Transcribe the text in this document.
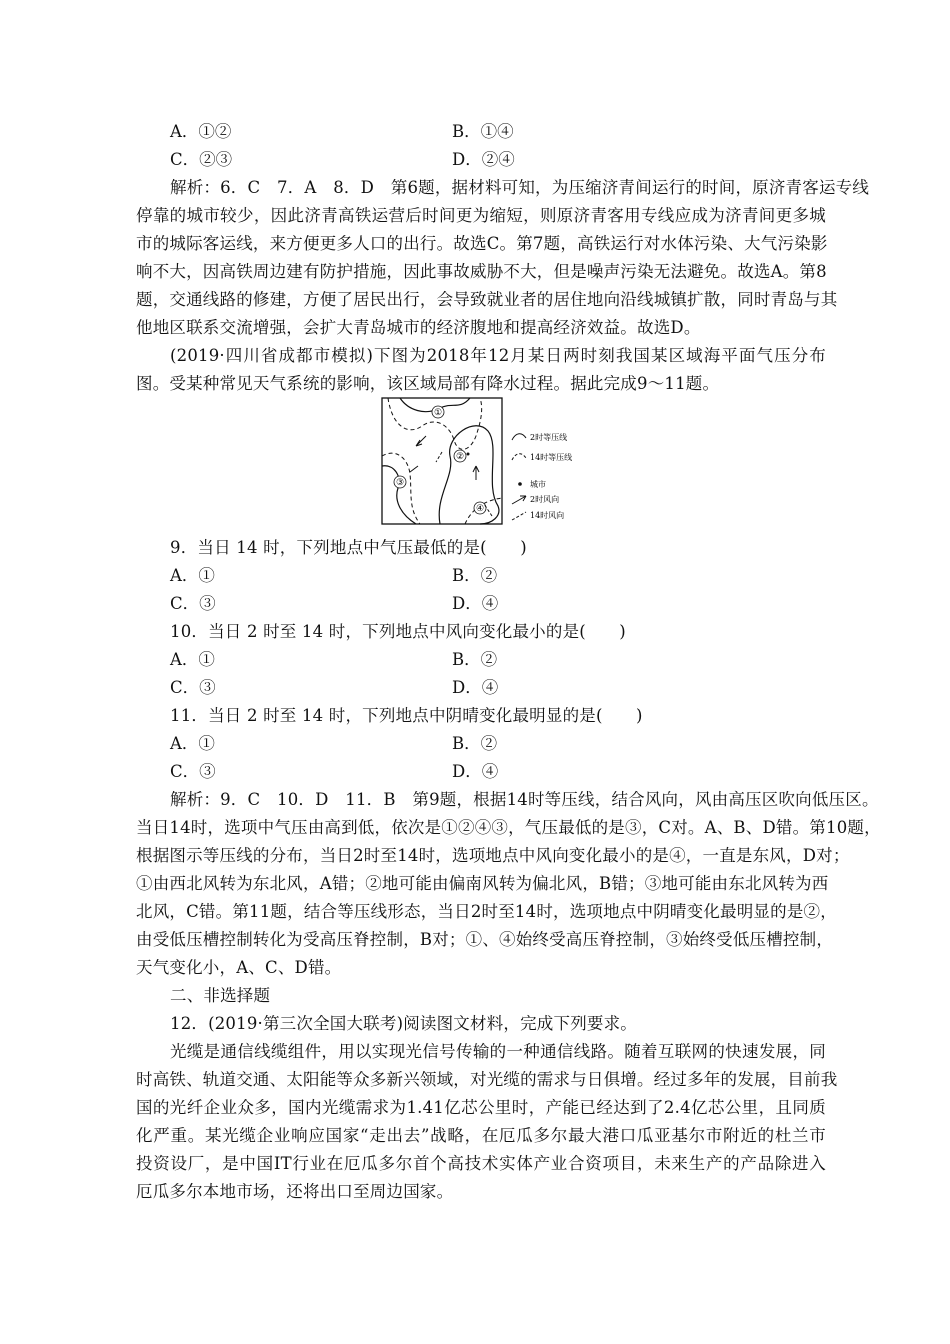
A．①②	B．①④
C．②③	D．②④
解析：6．C　7．A　8．D　第6题，据材料可知，为压缩济青间运行的时间，原济青客运专线
停靠的城市较少，因此济青高铁运营后时间更为缩短，则原济青客用专线应成为济青间更多城
市的城际客运线，来方便更多人口的出行。故选C。第7题，高铁运行对水体污染、大气污染影
响不大，因高铁周边建有防护措施，因此事故威胁不大，但是噪声污染无法避免。故选A。第8
题，交通线路的修建，方便了居民出行，会导致就业者的居住地向沿线城镇扩散，同时青岛与其
他地区联系交流增强，会扩大青岛城市的经济腹地和提高经济效益。故选D。
(2019·四川省成都市模拟)下图为2018年12月某日两时刻我国某区域海平面气压分布
图。受某种常见天气系统的影响，该区域局部有降水过程。据此完成9～11题。
①
②
③
④
2时等压线
14时等压线
城市
2时风向
14时风向
9．当日 14 时，下列地点中气压最低的是(　　)
A．①	B．②
C．③	D．④
10．当日 2 时至 14 时，下列地点中风向变化最小的是(　　)
A．①	B．②
C．③	D．④
11．当日 2 时至 14 时，下列地点中阴晴变化最明显的是(　　)
A．①	B．②
C．③	D．④
解析：9．C　10．D　11．B　第9题，根据14时等压线，结合风向，风由高压区吹向低压区。
当日14时，选项中气压由高到低，依次是①②④③，气压最低的是③，C对。A、B、D错。第10题，
根据图示等压线的分布，当日2时至14时，选项地点中风向变化最小的是④，一直是东风，D对；
①由西北风转为东北风，A错；②地可能由偏南风转为偏北风，B错；③地可能由东北风转为西
北风，C错。第11题，结合等压线形态，当日2时至14时，选项地点中阴晴变化最明显的是②，
由受低压槽控制转化为受高压脊控制，B对；①、④始终受高压脊控制，③始终受低压槽控制，
天气变化小，A、C、D错。
二、非选择题
12．(2019·第三次全国大联考)阅读图文材料，完成下列要求。
光缆是通信线缆组件，用以实现光信号传输的一种通信线路。随着互联网的快速发展，同
时高铁、轨道交通、太阳能等众多新兴领域，对光缆的需求与日俱增。经过多年的发展，目前我
国的光纤企业众多，国内光缆需求为1.41亿芯公里时，产能已经达到了2.4亿芯公里，且同质
化严重。某光缆企业响应国家“走出去”战略，在厄瓜多尔最大港口瓜亚基尔市附近的杜兰市
投资设厂，是中国IT行业在厄瓜多尔首个高技术实体产业合资项目，未来生产的产品除进入
厄瓜多尔本地市场，还将出口至周边国家。
